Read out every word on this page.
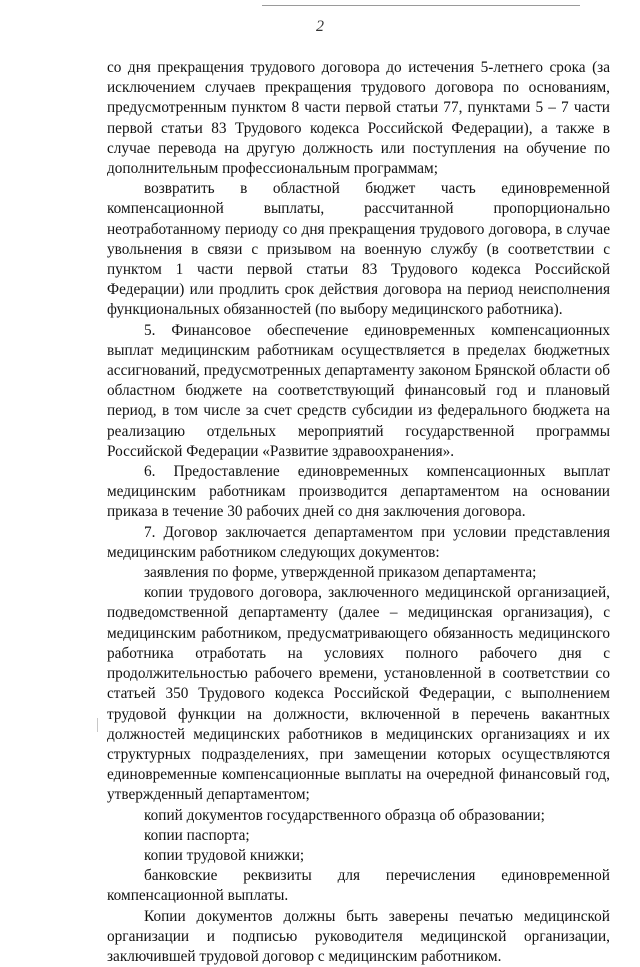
2

со дня прекращения трудового договора до истечения 5-летнего срока (за исключением случаев прекращения трудового договора по основаниям, предусмотренным пунктом 8 части первой статьи 77, пунктами 5 – 7 части первой статьи 83 Трудового кодекса Российской Федерации), а также в случае перевода на другую должность или поступления на обучение по дополнительным профессиональным программам;

возвратить в областной бюджет часть единовременной компенсационной выплаты, рассчитанной пропорционально неотработанному периоду со дня прекращения трудового договора, в случае увольнения в связи с призывом на военную службу (в соответствии с пунктом 1 части первой статьи 83 Трудового кодекса Российской Федерации) или продлить срок действия договора на период неисполнения функциональных обязанностей (по выбору медицинского работника).

5. Финансовое обеспечение единовременных компенсационных выплат медицинским работникам осуществляется в пределах бюджетных ассигнований, предусмотренных департаменту законом Брянской области об областном бюджете на соответствующий финансовый год и плановый период, в том числе за счет средств субсидии из федерального бюджета на реализацию отдельных мероприятий государственной программы Российской Федерации «Развитие здравоохранения».

6. Предоставление единовременных компенсационных выплат медицинским работникам производится департаментом на основании приказа в течение 30 рабочих дней со дня заключения договора.

7. Договор заключается департаментом при условии представления медицинским работником следующих документов:

заявления по форме, утвержденной приказом департамента;

копии трудового договора, заключенного медицинской организацией, подведомственной департаменту (далее – медицинская организация), с медицинским работником, предусматривающего обязанность медицинского работника отработать на условиях полного рабочего дня с продолжительностью рабочего времени, установленной в соответствии со статьей 350 Трудового кодекса Российской Федерации, с выполнением трудовой функции на должности, включенной в перечень вакантных должностей медицинских работников в медицинских организациях и их структурных подразделениях, при замещении которых осуществляются единовременные компенсационные выплаты на очередной финансовый год, утвержденный департаментом;

копий документов государственного образца об образовании;

копии паспорта;

копии трудовой книжки;

банковские реквизиты для перечисления единовременной компенсационной выплаты.

Копии документов должны быть заверены печатью медицинской организации и подписью руководителя медицинской организации, заключившей трудовой договор с медицинским работником.
